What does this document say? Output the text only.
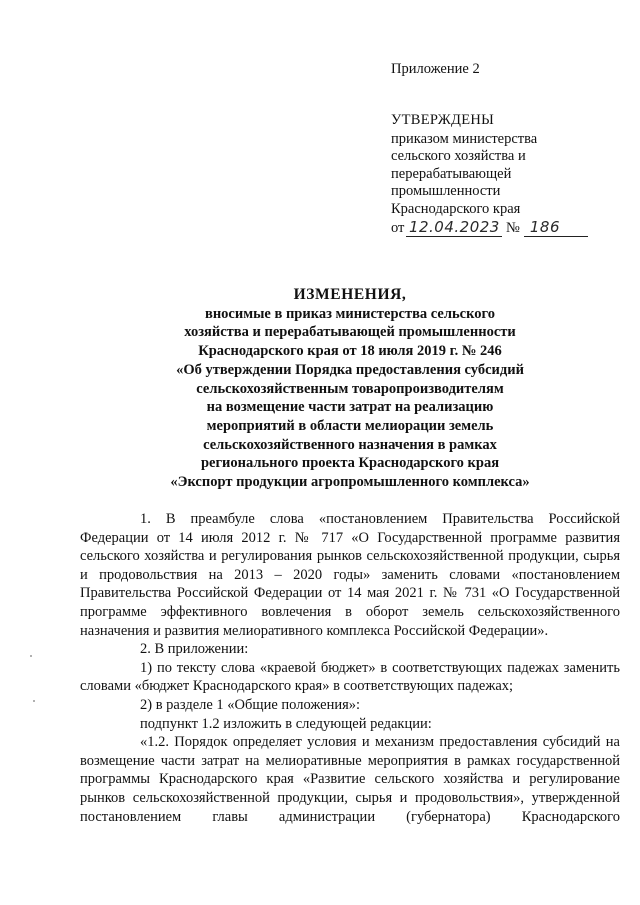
Приложение 2
УТВЕРЖДЕНЫ
приказом министерства
сельского хозяйства и
перерабатывающей
промышленности
Краснодарского края
от 12.04.2023 № 186
ИЗМЕНЕНИЯ,
вносимые в приказ министерства сельского
хозяйства и перерабатывающей промышленности
Краснодарского края от 18 июля 2019 г. № 246
«Об утверждении Порядка предоставления субсидий
сельскохозяйственным товаропроизводителям
на возмещение части затрат на реализацию
мероприятий в области мелиорации земель
сельскохозяйственного назначения в рамках
регионального проекта Краснодарского края
«Экспорт продукции агропромышленного комплекса»

1. В преамбуле слова «постановлением Правительства Российской Федерации от 14 июля 2012 г. № 717 «О Государственной программе развития сельского хозяйства и регулирования рынков сельскохозяйственной продукции, сырья и продовольствия на 2013 – 2020 годы» заменить словами «постановлением Правительства Российской Федерации от 14 мая 2021 г. № 731 «О Государственной программе эффективного вовлечения в оборот земель сельскохозяйственного назначения и развития мелиоративного комплекса Российской Федерации».

2. В приложении:

1) по тексту слова «краевой бюджет» в соответствующих падежах заменить словами «бюджет Краснодарского края» в соответствующих падежах;

2) в разделе 1 «Общие положения»:

подпункт 1.2 изложить в следующей редакции:

«1.2. Порядок определяет условия и механизм предоставления субсидий на возмещение части затрат на мелиоративные мероприятия в рамках государственной программы Краснодарского края «Развитие сельского хозяйства и регулирование рынков сельскохозяйственной продукции, сырья и продовольствия», утвержденной постановлением главы администрации (губернатора) Краснодарского
